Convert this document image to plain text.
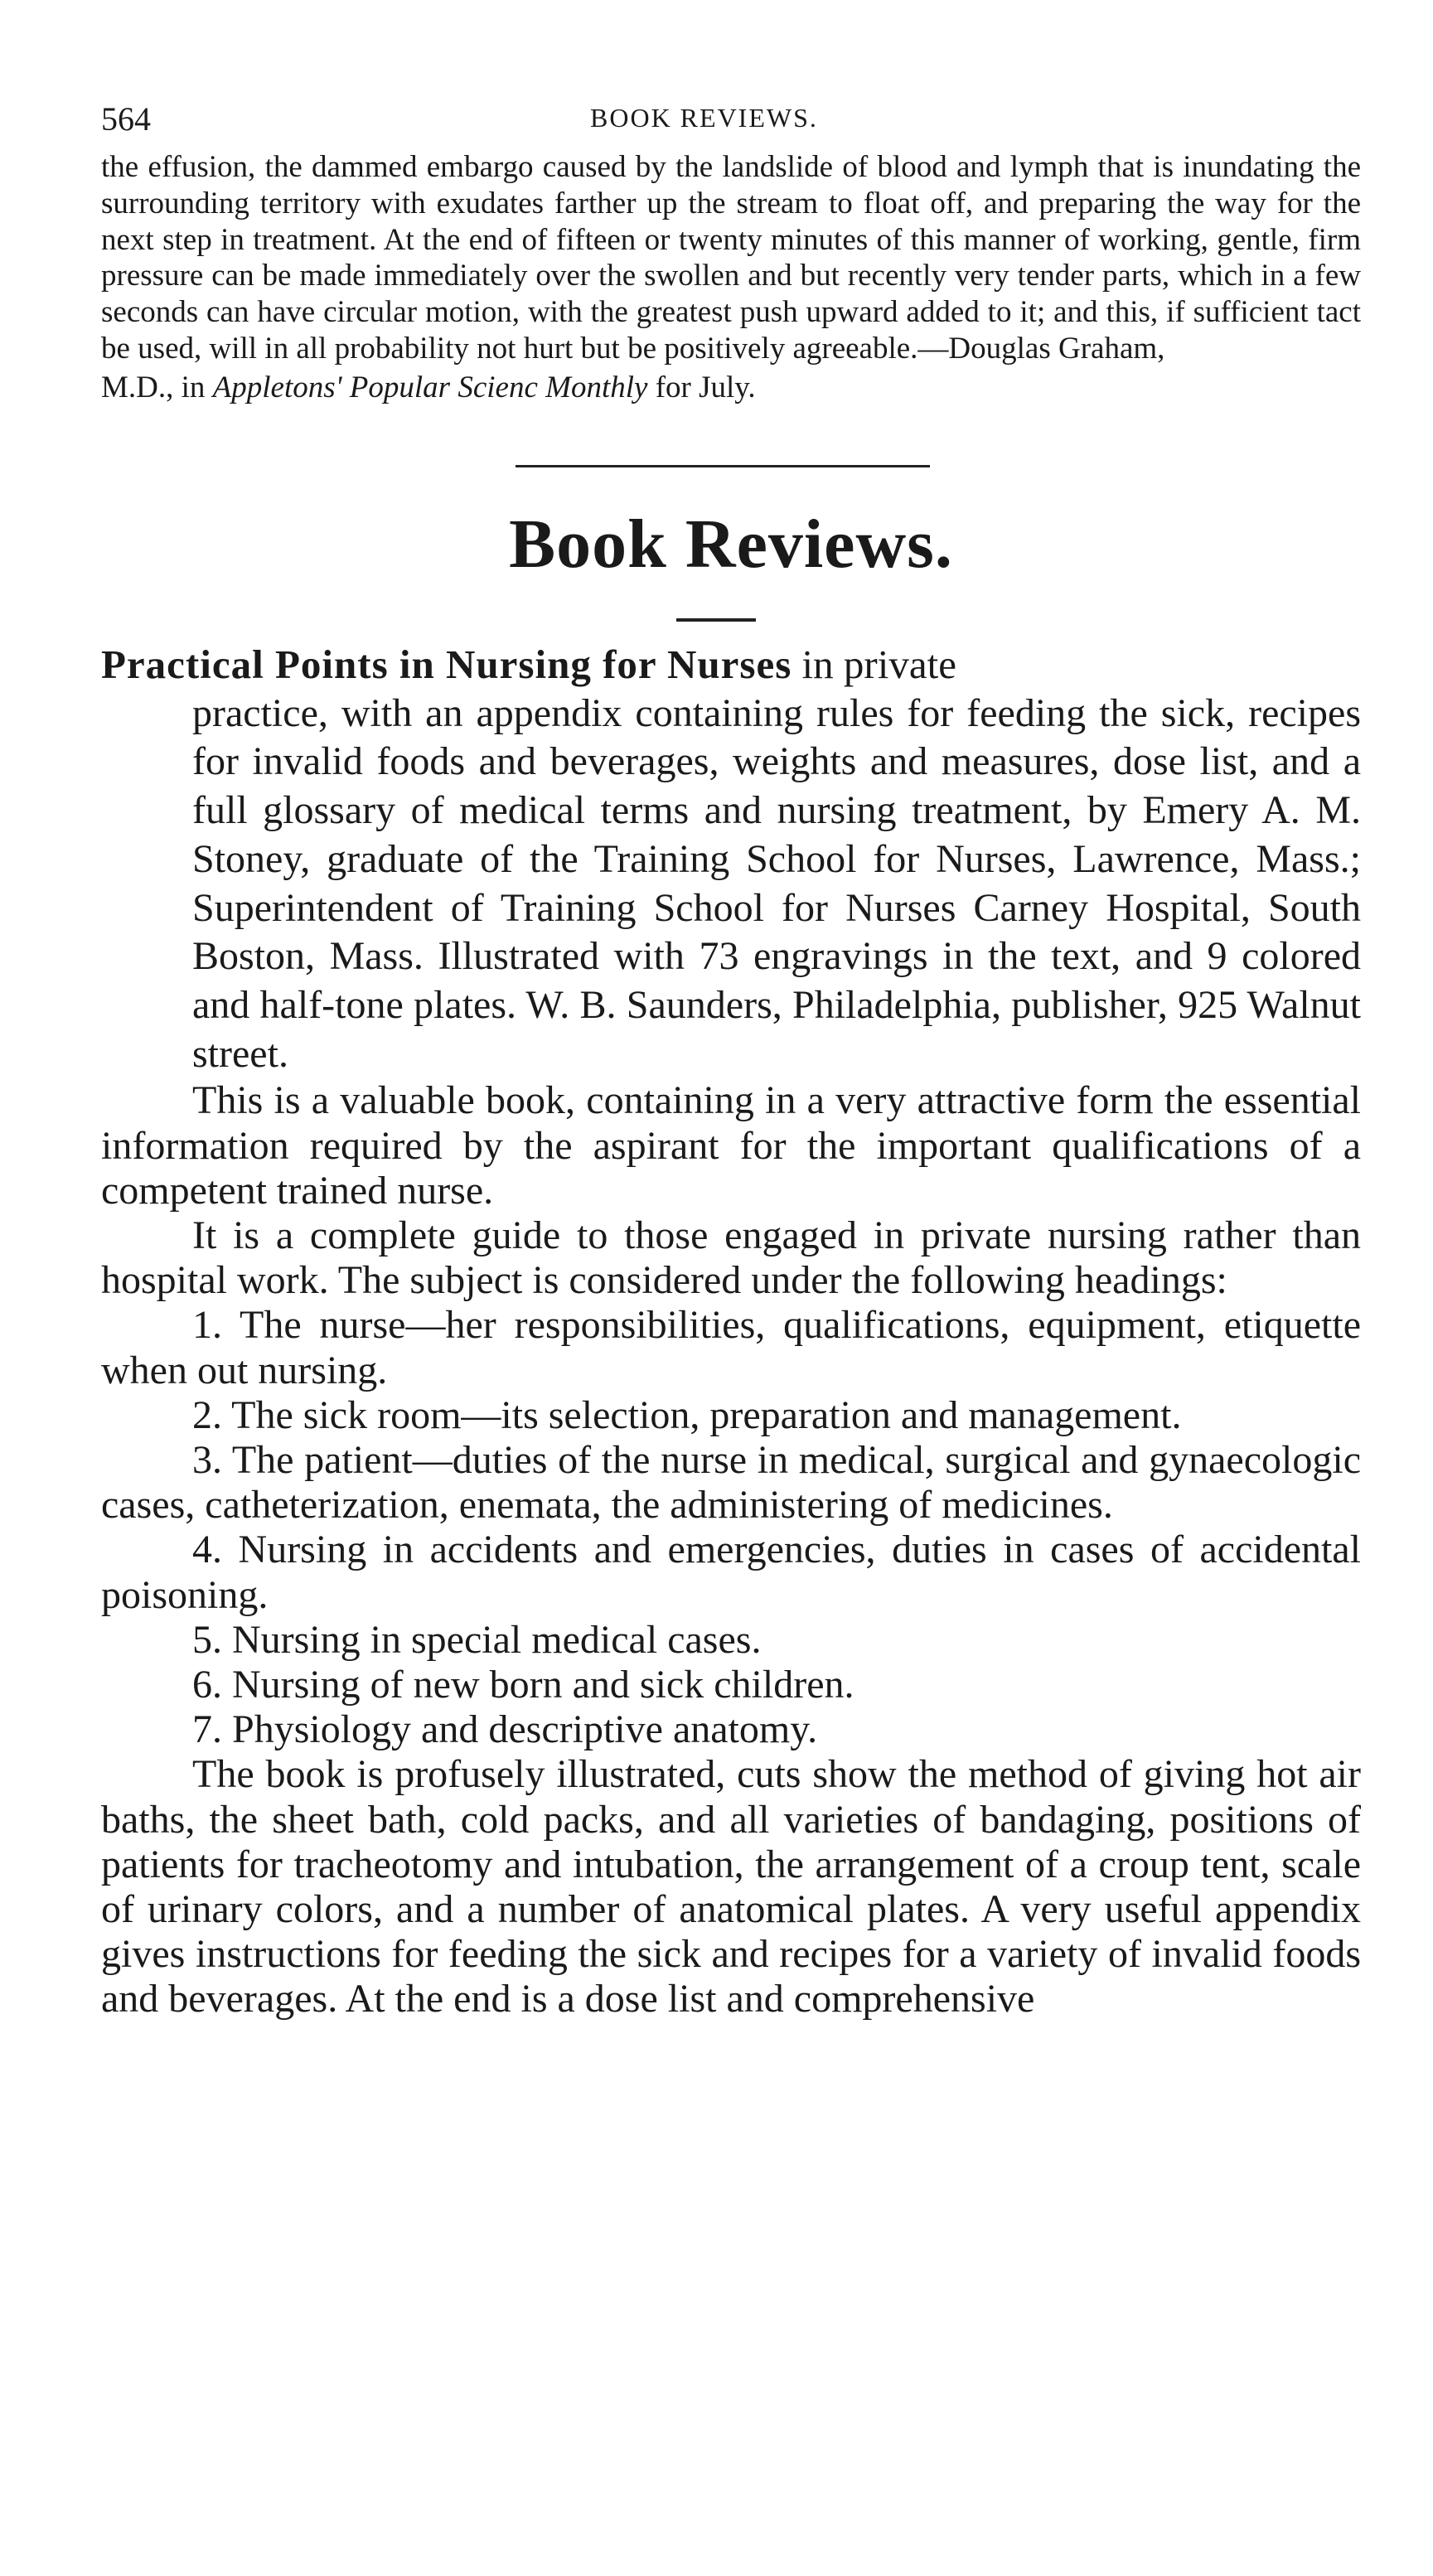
564	BOOK REVIEWS.

the effusion, the dammed embargo caused by the landslide of blood and lymph that is inundating the surrounding territory with exudates farther up the stream to float off, and preparing the way for the next step in treatment. At the end of fifteen or twenty minutes of this manner of working, gentle, firm pressure can be made immediately over the swollen and but recently very tender parts, which in a few seconds can have circular motion, with the greatest push upward added to it; and this, if sufficient tact be used, will in all probability not hurt but be positively agreeable.—Douglas Graham,

M.D., in Appletons' Popular Scienc Monthly for July.

Book Reviews.

Practical Points in Nursing for Nurses in private

practice, with an appendix containing rules for feeding the sick, recipes for invalid foods and beverages, weights and measures, dose list, and a full glossary of medical terms and nursing treatment, by Emery A. M. Stoney, graduate of the Training School for Nurses, Lawrence, Mass.; Superintendent of Training School for Nurses Carney Hospital, South Boston, Mass. Illustrated with 73 engravings in the text, and 9 colored and half-tone plates. W. B. Saunders, Philadelphia, publisher, 925 Walnut street.

This is a valuable book, containing in a very attractive form the essential information required by the aspirant for the important qualifications of a competent trained nurse.

It is a complete guide to those engaged in private nursing rather than hospital work. The subject is considered under the following headings:

1. The nurse—her responsibilities, qualifications, equipment, etiquette when out nursing.

2. The sick room—its selection, preparation and management.

3. The patient—duties of the nurse in medical, surgical and gynaecologic cases, catheterization, enemata, the administering of medicines.

4. Nursing in accidents and emergencies, duties in cases of accidental poisoning.

5. Nursing in special medical cases.

6. Nursing of new born and sick children.

7. Physiology and descriptive anatomy.

The book is profusely illustrated, cuts show the method of giving hot air baths, the sheet bath, cold packs, and all varieties of bandaging, positions of patients for tracheotomy and intubation, the arrangement of a croup tent, scale of urinary colors, and a number of anatomical plates. A very useful appendix gives instructions for feeding the sick and recipes for a variety of invalid foods and beverages. At the end is a dose list and comprehensive
